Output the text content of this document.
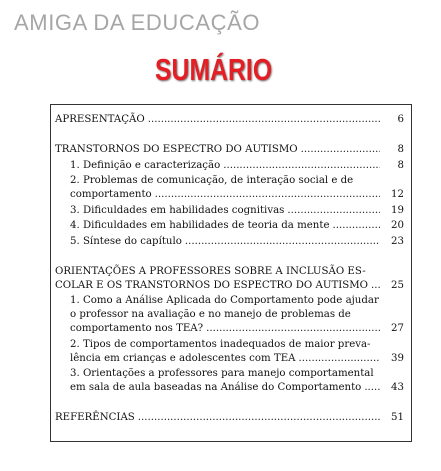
AMIGA DA EDUCAÇÃO
SUMÁRIO
APRESENTAÇÃO .....	6
TRANSTORNOS DO ESPECTRO DO AUTISMO .....	8
1. Definição e caracterização .....	8
2. Problemas de comunicação, de interação social e de
comportamento .....	12
3. Dificuldades em habilidades cognitivas .....	19
4. Dificuldades em habilidades de teoria da mente .....	20
5. Síntese do capítulo .....	23
ORIENTAÇÕES A PROFESSORES SOBRE A INCLUSÃO ES-
COLAR E OS TRANSTORNOS DO ESPECTRO DO AUTISMO .....	25
1. Como a Análise Aplicada do Comportamento pode ajudar
o professor na avaliação e no manejo de problemas de
comportamento nos TEA? .....	27
2. Tipos de comportamentos inadequados de maior preva-
lência em crianças e adolescentes com TEA .....	39
3. Orientações a professores para manejo comportamental
em sala de aula baseadas na Análise do Comportamento .....	43
REFERÊNCIAS .....	51
